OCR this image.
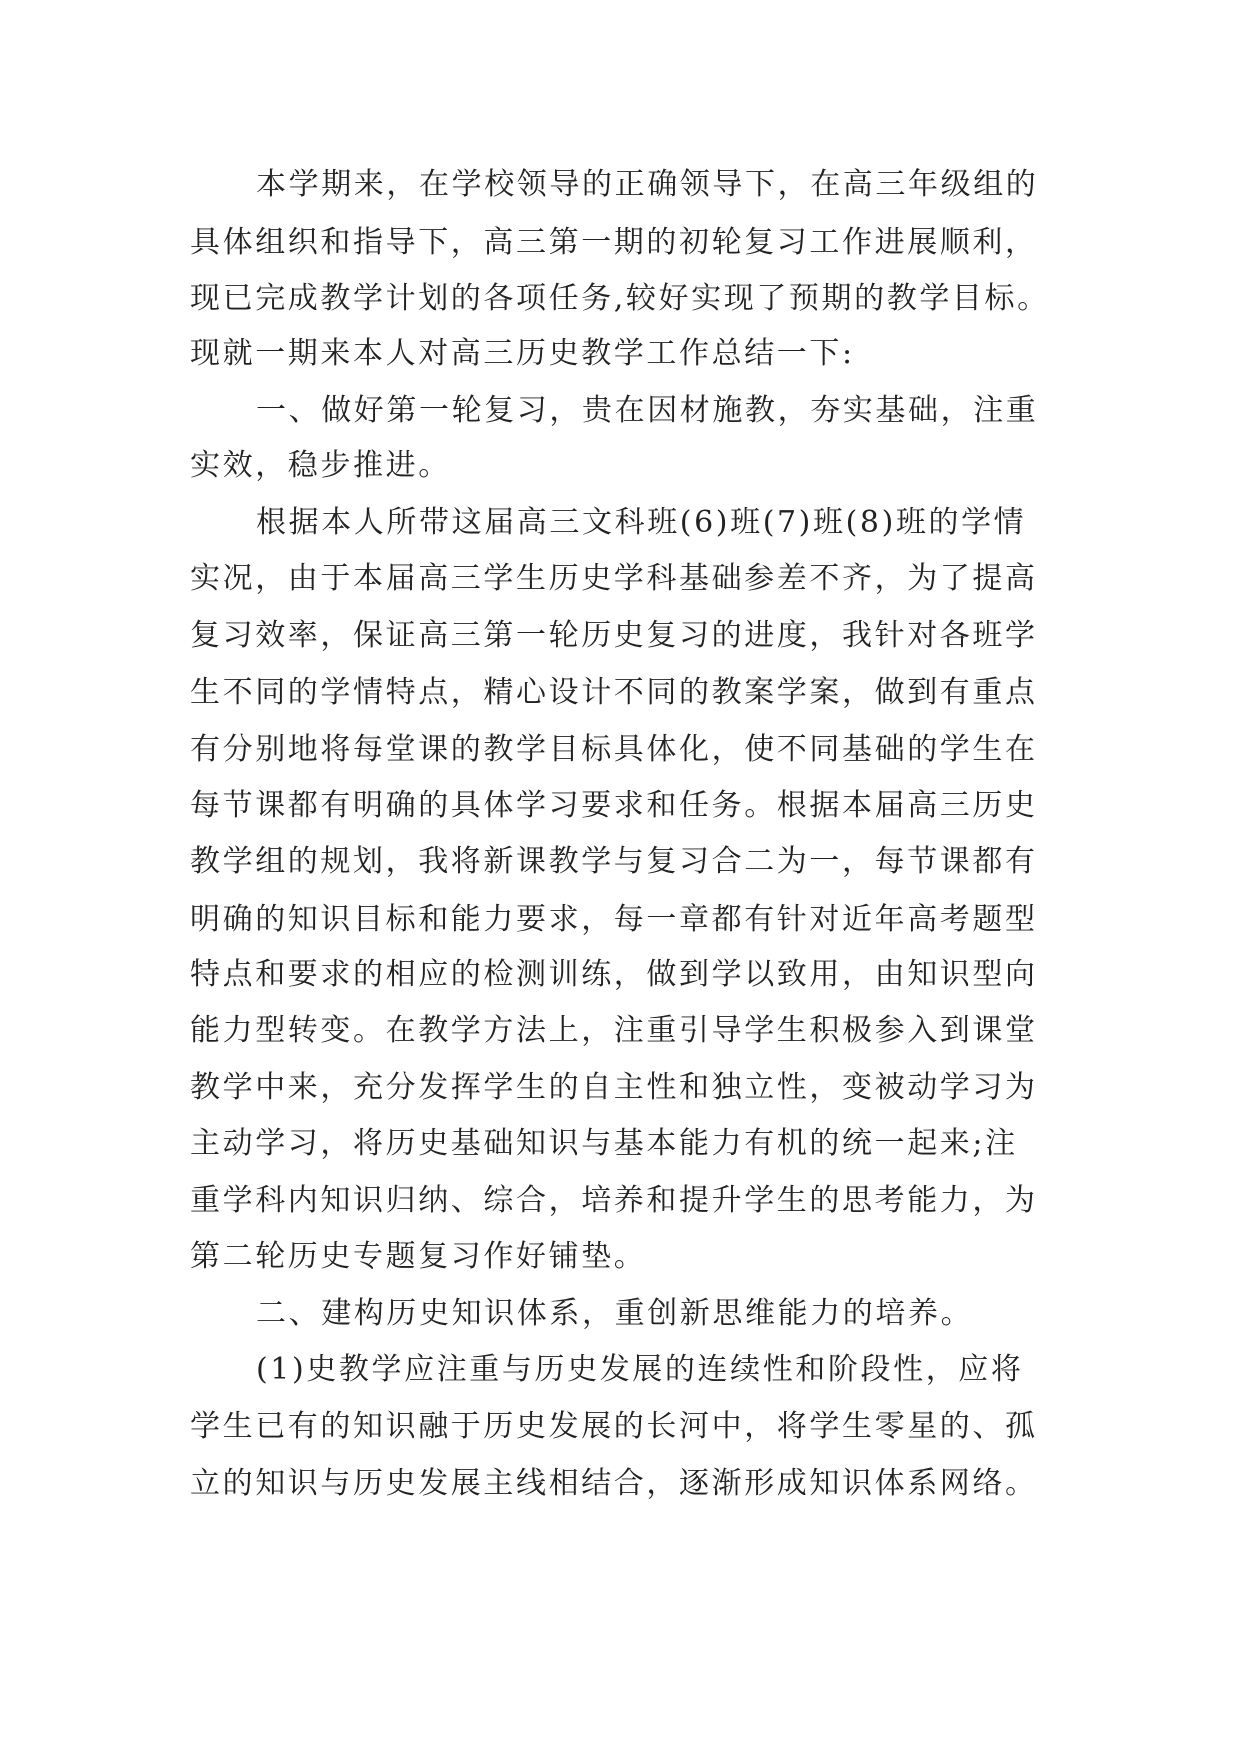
本学期来，在学校领导的正确领导下，在高三年级组的
具体组织和指导下，高三第一期的初轮复习工作进展顺利，
现已完成教学计划的各项任务,较好实现了预期的教学目标。
现就一期来本人对高三历史教学工作总结一下:
一、做好第一轮复习，贵在因材施教，夯实基础，注重
实效，稳步推进。
根据本人所带这届高三文科班(6)班(7)班(8)班的学情
实况，由于本届高三学生历史学科基础参差不齐，为了提高
复习效率，保证高三第一轮历史复习的进度，我针对各班学
生不同的学情特点，精心设计不同的教案学案，做到有重点
有分别地将每堂课的教学目标具体化，使不同基础的学生在
每节课都有明确的具体学习要求和任务。根据本届高三历史
教学组的规划，我将新课教学与复习合二为一，每节课都有
明确的知识目标和能力要求，每一章都有针对近年高考题型
特点和要求的相应的检测训练，做到学以致用，由知识型向
能力型转变。在教学方法上，注重引导学生积极参入到课堂
教学中来，充分发挥学生的自主性和独立性，变被动学习为
主动学习，将历史基础知识与基本能力有机的统一起来;注
重学科内知识归纳、综合，培养和提升学生的思考能力，为
第二轮历史专题复习作好铺垫。
二、建构历史知识体系，重创新思维能力的培养。
(1)史教学应注重与历史发展的连续性和阶段性，应将
学生已有的知识融于历史发展的长河中，将学生零星的、孤
立的知识与历史发展主线相结合，逐渐形成知识体系网络。
